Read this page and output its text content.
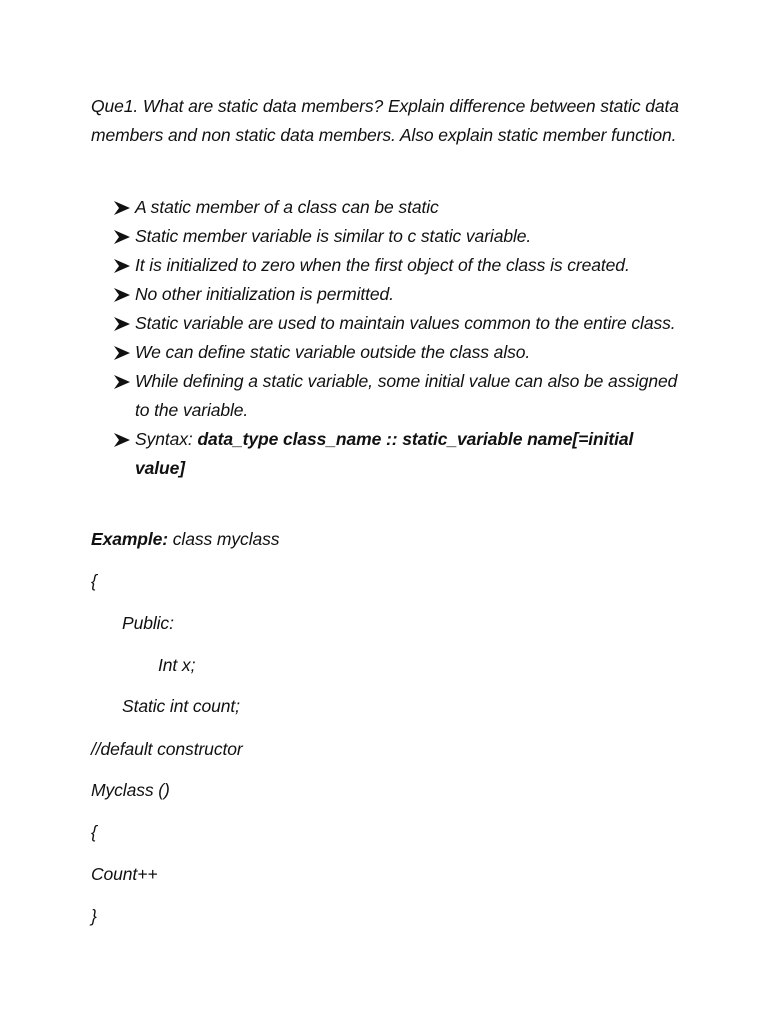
Que1. What are static data members? Explain difference between static data members and non static data members. Also explain static member function.
A static member of a class can be static
Static member variable is similar to c static variable.
It is initialized to zero when the first object of the class is created.
No other initialization is permitted.
Static variable are used to maintain values common to the entire class.
We can define static variable outside the class also.
While defining a static variable, some initial value can also be assigned to the variable.
Syntax: data_type class_name :: static_variable name[=initial value]
Example: class myclass
{
Public:
Int x;
Static int count;
//default constructor
Myclass ()
{
Count++
}
